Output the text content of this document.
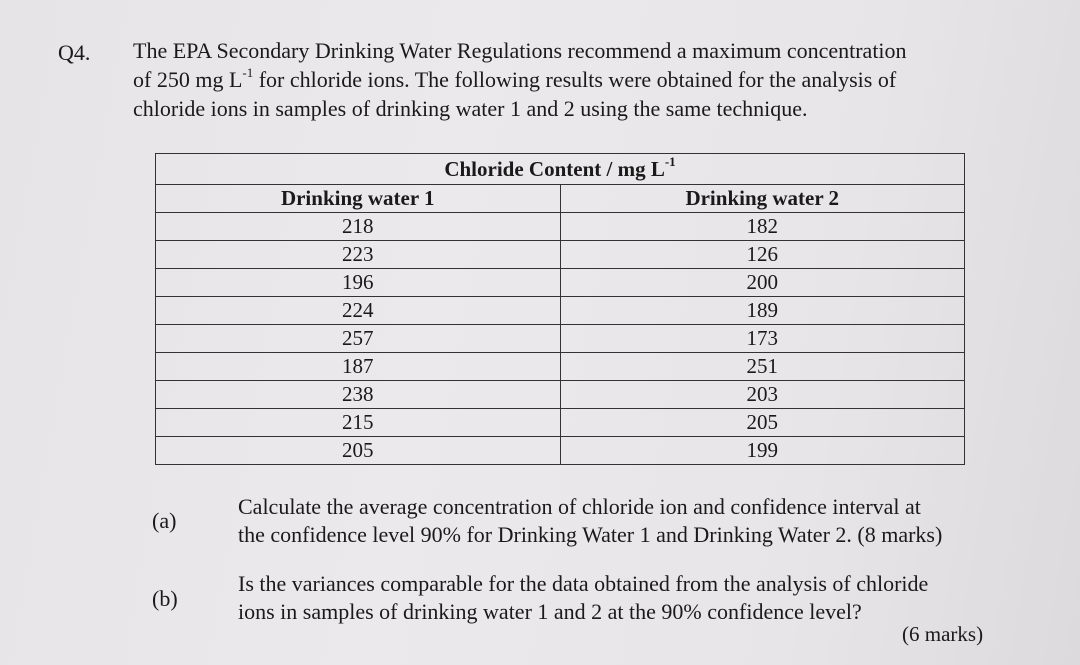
Q4. The EPA Secondary Drinking Water Regulations recommend a maximum concentration
of 250 mg $L^{-1}$ for chloride ions. The following results were obtained for the analysis of
chloride ions in samples of drinking water 1 and 2 using the same technique.
Chloride Content / mg $L^{-1}$
Drinking water 1	Drinking water 2
218	182
223	126
196	200
224	189
257	173
187	251
238	203
215	205
205	199
(a)
Calculate the average concentration of chloride ion and confidence interval at
the confidence level 90% for Drinking Water 1 and Drinking Water 2. (8 marks)
(b)
Is the variances comparable for the data obtained from the analysis of chloride
ions in samples of drinking water 1 and 2 at the 90% confidence level?
(6 marks)
